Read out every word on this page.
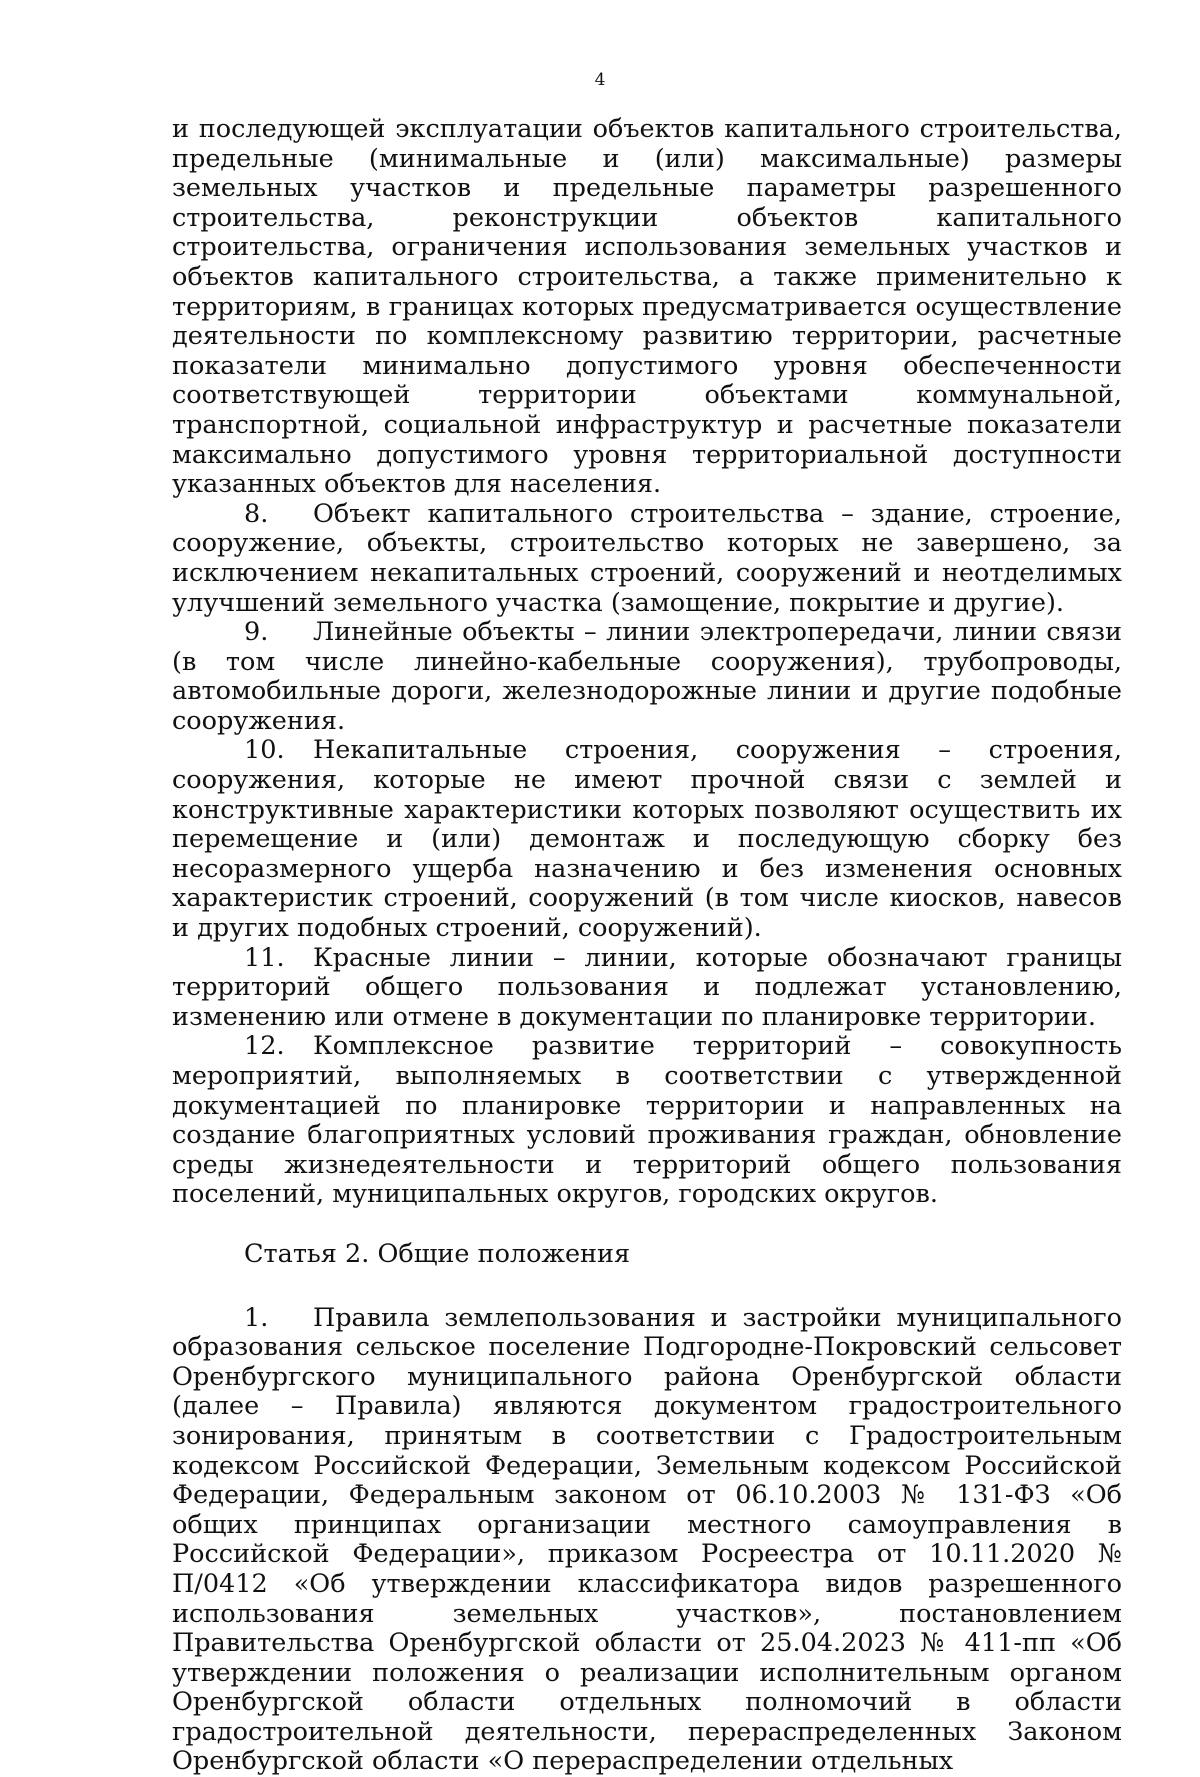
4

и последующей эксплуатации объектов капитального строительства, предельные (минимальные и (или) максимальные) размеры земельных участков и предельные параметры разрешенного строительства, реконструкции объектов капитального строительства, ограничения использования земельных участков и объектов капитального строительства, а также применительно к территориям, в границах которых предусматривается осуществление деятельности по комплексному развитию территории, расчетные показатели минимально допустимого уровня обеспеченности соответствующей территории объектами коммунальной, транспортной, социальной инфраструктур и расчетные показатели максимально допустимого уровня территориальной доступности указанных объектов для населения.

8. Объект капитального строительства – здание, строение, сооружение, объекты, строительство которых не завершено, за исключением некапитальных строений, сооружений и неотделимых улучшений земельного участка (замощение, покрытие и другие).

9. Линейные объекты – линии электропередачи, линии связи (в том числе линейно-кабельные сооружения), трубопроводы, автомобильные дороги, железнодорожные линии и другие подобные сооружения.

10. Некапитальные строения, сооружения – строения, сооружения, которые не имеют прочной связи с землей и конструктивные характеристики которых позволяют осуществить их перемещение и (или) демонтаж и последующую сборку без несоразмерного ущерба назначению и без изменения основных характеристик строений, сооружений (в том числе киосков, навесов и других подобных строений, сооружений).

11. Красные линии – линии, которые обозначают границы территорий общего пользования и подлежат установлению, изменению или отмене в документации по планировке территории.

12. Комплексное развитие территорий – совокупность мероприятий, выполняемых в соответствии с утвержденной документацией по планировке территории и направленных на создание благоприятных условий проживания граждан, обновление среды жизнедеятельности и территорий общего пользования поселений, муниципальных округов, городских округов.

Статья 2. Общие положения

1. Правила землепользования и застройки муниципального образования сельское поселение Подгородне-Покровский сельсовет Оренбургского муниципального района Оренбургской области (далее – Правила) являются документом градостроительного зонирования, принятым в соответствии с Градостроительным кодексом Российской Федерации, Земельным кодексом Российской Федерации, Федеральным законом от 06.10.2003 № 131-ФЗ «Об общих принципах организации местного самоуправления в Российской Федерации», приказом Росреестра от 10.11.2020 № П/0412 «Об утверждении классификатора видов разрешенного использования земельных участков», постановлением Правительства Оренбургской области от 25.04.2023 № 411-пп «Об утверждении положения о реализации исполнительным органом Оренбургской области отдельных полномочий в области градостроительной деятельности, перераспределенных Законом Оренбургской области «О перераспределении отдельных
